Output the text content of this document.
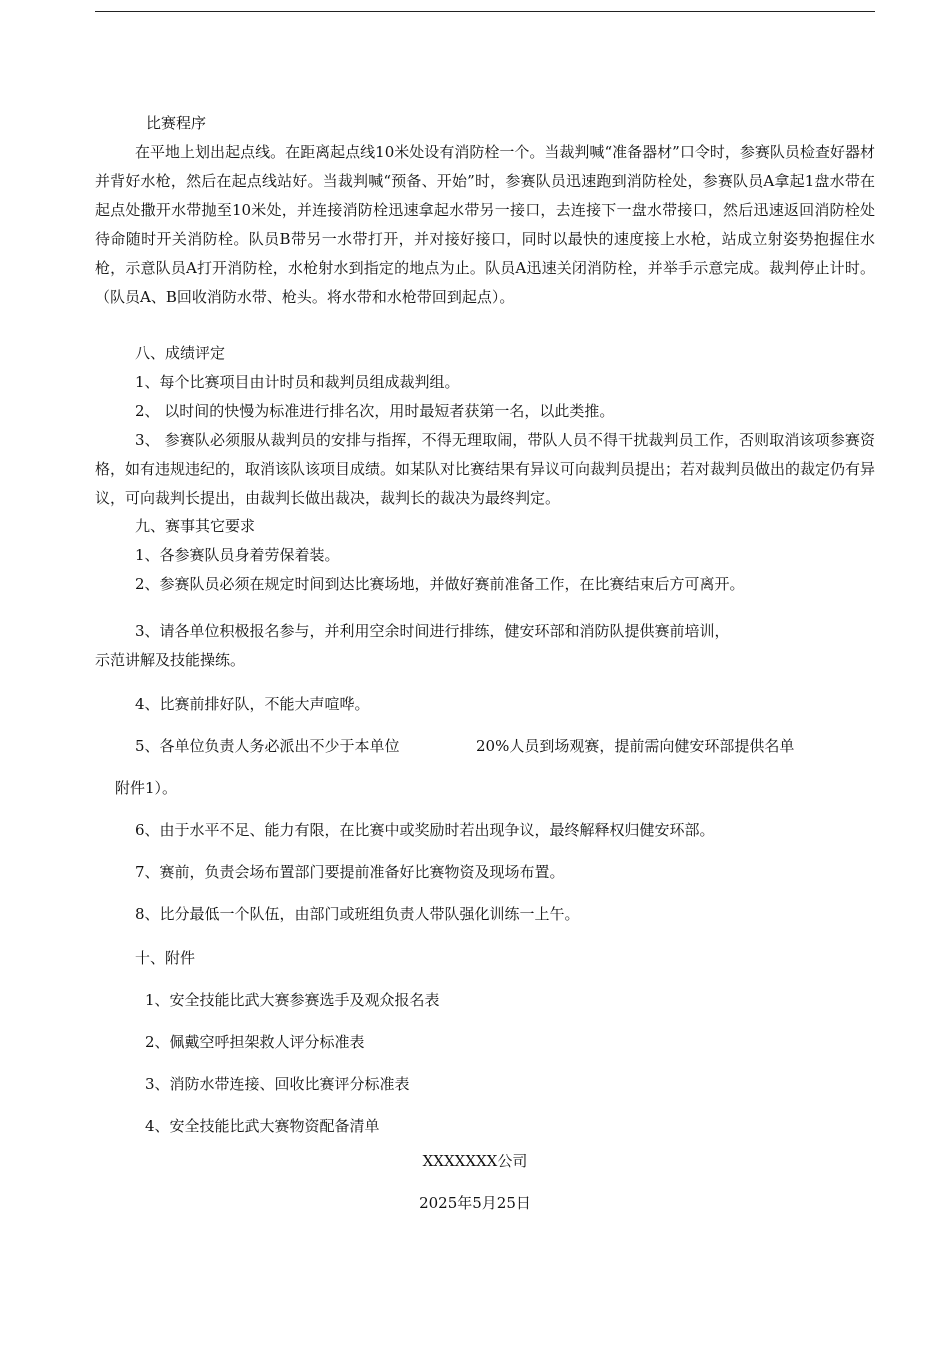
比赛程序

在平地上划出起点线。在距离起点线10米处设有消防栓一个。当裁判喊“准备器材”口令时，参赛队员检查好器材并背好水枪，然后在起点线站好。当裁判喊“预备、开始”时，参赛队员迅速跑到消防栓处，参赛队员A拿起1盘水带在起点处撒开水带抛至10米处，并连接消防栓迅速拿起水带另一接口，去连接下一盘水带接口，然后迅速返回消防栓处待命随时开关消防栓。队员B带另一水带打开，并对接好接口，同时以最快的速度接上水枪，站成立射姿势抱握住水枪，示意队员A打开消防栓，水枪射水到指定的地点为止。队员A迅速关闭消防栓，并举手示意完成。裁判停止计时。（队员A、B回收消防水带、枪头。将水带和水枪带回到起点）。

八、成绩评定
1、每个比赛项目由计时员和裁判员组成裁判组。
2、 以时间的快慢为标准进行排名次，用时最短者获第一名，以此类推。

3、 参赛队必须服从裁判员的安排与指挥，不得无理取闹，带队人员不得干扰裁判员工作，否则取消该项参赛资格，如有违规违纪的，取消该队该项目成绩。如某队对比赛结果有异议可向裁判员提出；若对裁判员做出的裁定仍有异议，可向裁判长提出，由裁判长做出裁决，裁判长的裁决为最终判定。

九、赛事其它要求
1、各参赛队员身着劳保着装。
2、参赛队员必须在规定时间到达比赛场地，并做好赛前准备工作，在比赛结束后方可离开。
3、请各单位积极报名参与，并利用空余时间进行排练，健安环部和消防队提供赛前培训，
示范讲解及技能操练。
4、比赛前排好队，不能大声喧哗。
5、各单位负责人务必派出不少于本单位	20%人员到场观赛，提前需向健安环部提供名单
附件1）。
6、由于水平不足、能力有限，在比赛中或奖励时若出现争议，最终解释权归健安环部。
7、赛前，负责会场布置部门要提前准备好比赛物资及现场布置。
8、比分最低一个队伍，由部门或班组负责人带队强化训练一上午。
十、附件
1、安全技能比武大赛参赛选手及观众报名表
2、佩戴空呼担架救人评分标准表
3、消防水带连接、回收比赛评分标准表
4、安全技能比武大赛物资配备清单
XXXXXXX公司
2025年5月25日
